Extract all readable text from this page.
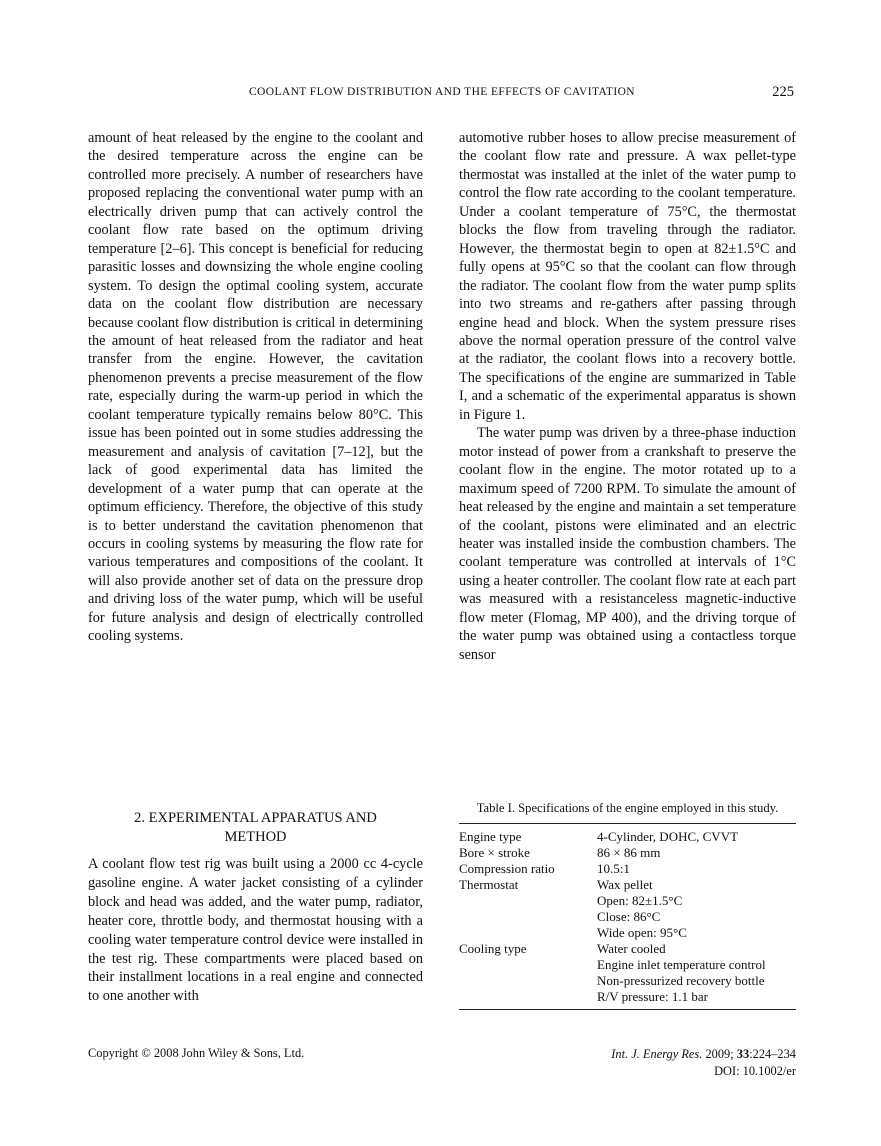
COOLANT FLOW DISTRIBUTION AND THE EFFECTS OF CAVITATION	225

amount of heat released by the engine to the coolant and the desired temperature across the engine can be controlled more precisely. A number of researchers have proposed replacing the conventional water pump with an electrically driven pump that can actively control the coolant flow rate based on the optimum driving temperature [2–6]. This concept is beneficial for reducing parasitic losses and downsizing the whole engine cooling system. To design the optimal cooling system, accurate data on the coolant flow distribution are necessary because coolant flow distribution is critical in determining the amount of heat released from the radiator and heat transfer from the engine. However, the cavitation phenomenon prevents a precise measurement of the flow rate, especially during the warm-up period in which the coolant temperature typically remains below 80°C. This issue has been pointed out in some studies addressing the measurement and analysis of cavitation [7–12], but the lack of good experimental data has limited the development of a water pump that can operate at the optimum efficiency. Therefore, the objective of this study is to better understand the cavitation phenomenon that occurs in cooling systems by measuring the flow rate for various temperatures and compositions of the coolant. It will also provide another set of data on the pressure drop and driving loss of the water pump, which will be useful for future analysis and design of electrically controlled cooling systems.

2. EXPERIMENTAL APPARATUS AND
METHOD

A coolant flow test rig was built using a 2000 cc 4-cycle gasoline engine. A water jacket consisting of a cylinder block and head was added, and the water pump, radiator, heater core, throttle body, and thermostat housing with a cooling water temperature control device were installed in the test rig. These compartments were placed based on their installment locations in a real engine and connected to one another with

automotive rubber hoses to allow precise measurement of the coolant flow rate and pressure. A wax pellet-type thermostat was installed at the inlet of the water pump to control the flow rate according to the coolant temperature. Under a coolant temperature of 75°C, the thermostat blocks the flow from traveling through the radiator. However, the thermostat begin to open at 82±1.5°C and fully opens at 95°C so that the coolant can flow through the radiator. The coolant flow from the water pump splits into two streams and re-gathers after passing through engine head and block. When the system pressure rises above the normal operation pressure of the control valve at the radiator, the coolant flows into a recovery bottle. The specifications of the engine are summarized in Table I, and a schematic of the experimental apparatus is shown in Figure 1.

The water pump was driven by a three-phase induction motor instead of power from a crankshaft to preserve the coolant flow in the engine. The motor rotated up to a maximum speed of 7200 RPM. To simulate the amount of heat released by the engine and maintain a set temperature of the coolant, pistons were eliminated and an electric heater was installed inside the combustion chambers. The coolant temperature was controlled at intervals of 1°C using a heater controller. The coolant flow rate at each part was measured with a resistanceless magnetic-inductive flow meter (Flomag, MP 400), and the driving torque of the water pump was obtained using a contactless torque sensor

Table I. Specifications of the engine employed in this study.
Engine type	4-Cylinder, DOHC, CVVT
Bore × stroke	86 × 86 mm
Compression ratio	10.5:1
Thermostat	Wax pellet
	Open: 82±1.5°C
	Close: 86°C
	Wide open: 95°C
Cooling type	Water cooled
	Engine inlet temperature control
	Non-pressurized recovery bottle
	R/V pressure: 1.1 bar
Copyright © 2008 John Wiley & Sons, Ltd.	Int. J. Energy Res. 2009; 33:224–234
DOI: 10.1002/er
